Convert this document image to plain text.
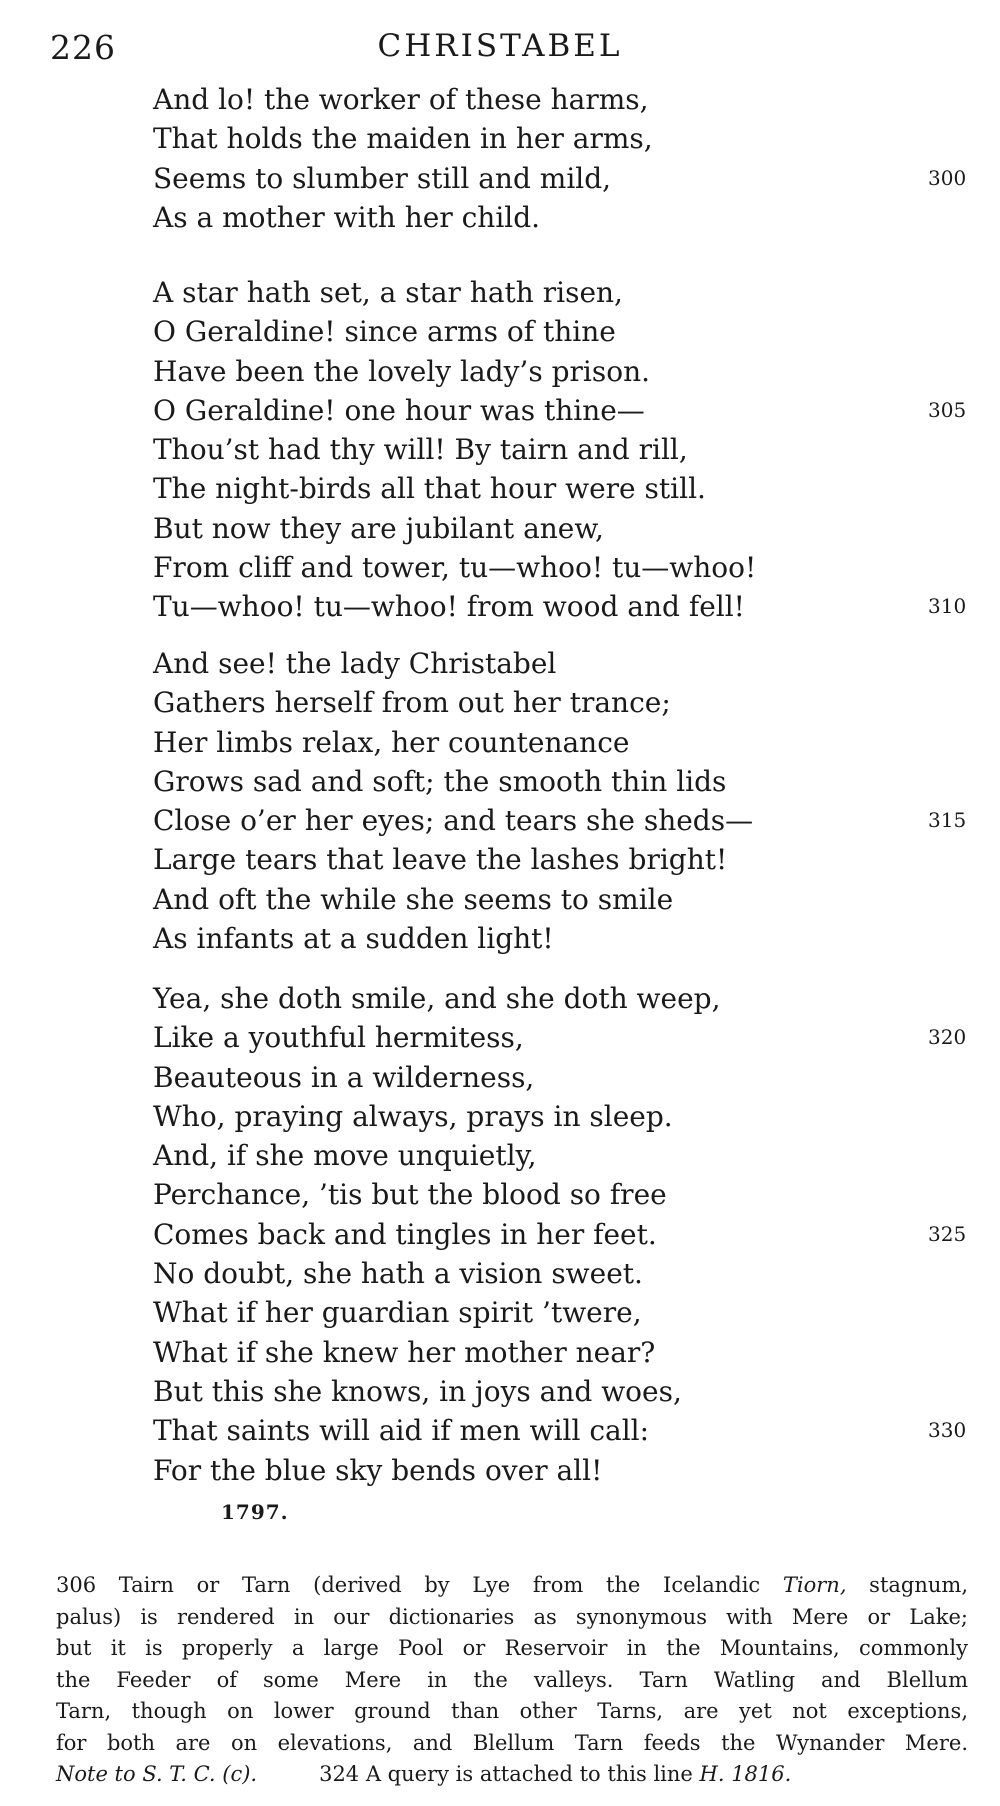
226	CHRISTABEL
And lo! the worker of these harms,
That holds the maiden in her arms,
Seems to slumber still and mild,	300
As a mother with her child.
A star hath set, a star hath risen,
O Geraldine! since arms of thine
Have been the lovely lady’s prison.
O Geraldine! one hour was thine—	305
Thou’st had thy will! By tairn and rill,
The night-birds all that hour were still.
But now they are jubilant anew,
From cliff and tower, tu—whoo! tu—whoo!
Tu—whoo! tu—whoo! from wood and fell!	310
And see! the lady Christabel
Gathers herself from out her trance;
Her limbs relax, her countenance
Grows sad and soft; the smooth thin lids
Close o’er her eyes; and tears she sheds—	315
Large tears that leave the lashes bright!
And oft the while she seems to smile
As infants at a sudden light!
Yea, she doth smile, and she doth weep,
Like a youthful hermitess,	320
Beauteous in a wilderness,
Who, praying always, prays in sleep.
And, if she move unquietly,
Perchance, ’tis but the blood so free
Comes back and tingles in her feet.	325
No doubt, she hath a vision sweet.
What if her guardian spirit ’twere,
What if she knew her mother near?
But this she knows, in joys and woes,
That saints will aid if men will call:	330
For the blue sky bends over all!
1797.
306 Tairn or Tarn (derived by Lye from the Icelandic Tiorn, stagnum,
palus) is rendered in our dictionaries as synonymous with Mere or Lake;
but it is properly a large Pool or Reservoir in the Mountains, commonly
the Feeder of some Mere in the valleys. Tarn Watling and Blellum
Tarn, though on lower ground than other Tarns, are yet not exceptions,
for both are on elevations, and Blellum Tarn feeds the Wynander Mere.
Note to S. T. C. (c).	324 A query is attached to this line H. 1816.
